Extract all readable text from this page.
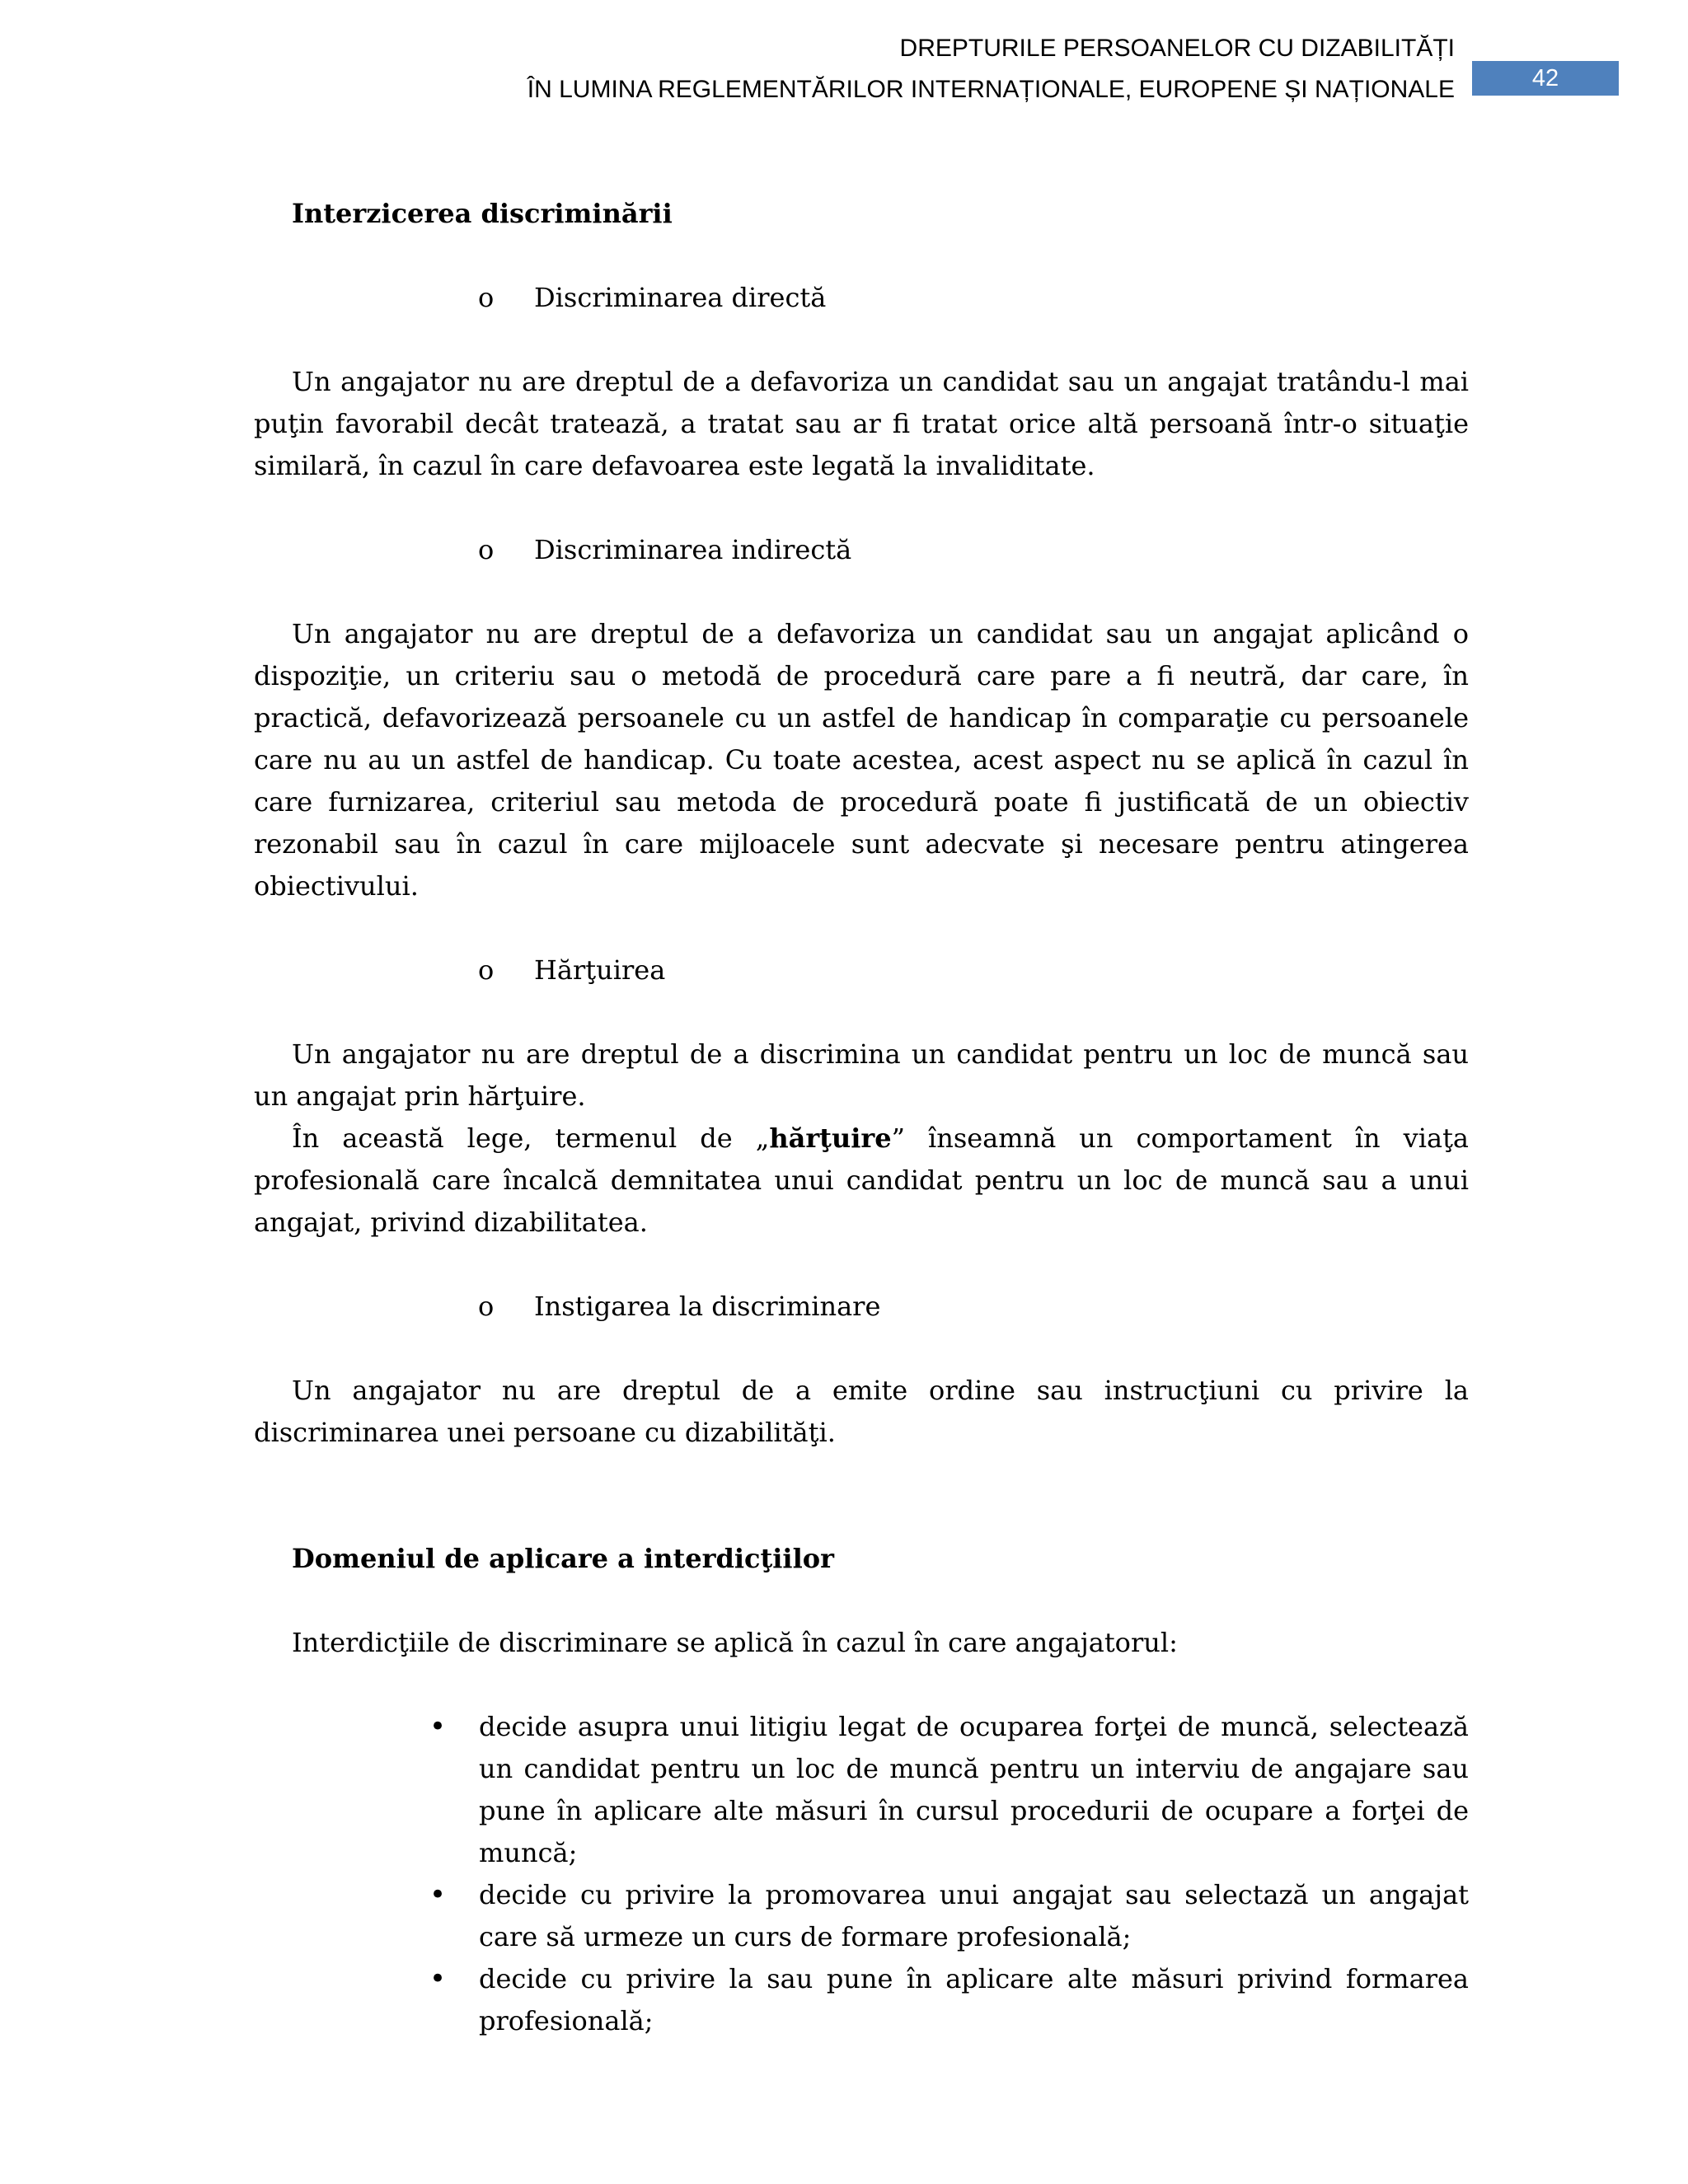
DREPTURILE PERSOANELOR CU DIZABILITĂȚI
ÎN LUMINA REGLEMENTĂRILOR INTERNAȚIONALE, EUROPENE ȘI NAȚIONALE	42
Interzicerea discriminării
o Discriminarea directă

Un angajator nu are dreptul de a defavoriza un candidat sau un angajat tratându-l mai puţin favorabil decât tratează, a tratat sau ar fi tratat orice altă persoană într-o situaţie similară, în cazul în care defavoarea este legată la invaliditate.

o Discriminarea indirectă

Un angajator nu are dreptul de a defavoriza un candidat sau un angajat aplicând o dispoziţie, un criteriu sau o metodă de procedură care pare a fi neutră, dar care, în practică, defavorizează persoanele cu un astfel de handicap în comparaţie cu persoanele care nu au un astfel de handicap. Cu toate acestea, acest aspect nu se aplică în cazul în care furnizarea, criteriul sau metoda de procedură poate fi justificată de un obiectiv rezonabil sau în cazul în care mijloacele sunt adecvate şi necesare pentru atingerea obiectivului.

o Hărţuirea

Un angajator nu are dreptul de a discrimina un candidat pentru un loc de muncă sau un angajat prin hărţuire.

În această lege, termenul de „hărţuire” înseamnă un comportament în viaţa profesională care încalcă demnitatea unui candidat pentru un loc de muncă sau a unui angajat, privind dizabilitatea.

o Instigarea la discriminare

Un angajator nu are dreptul de a emite ordine sau instrucţiuni cu privire la discriminarea unei persoane cu dizabilităţi.

Domeniul de aplicare a interdicţiilor

Interdicţiile de discriminare se aplică în cazul în care angajatorul:

• decide asupra unui litigiu legat de ocuparea forţei de muncă, selectează un candidat pentru un loc de muncă pentru un interviu de angajare sau pune în aplicare alte măsuri în cursul procedurii de ocupare a forţei de muncă;
• decide cu privire la promovarea unui angajat sau selectază un angajat care să urmeze un curs de formare profesională;
• decide cu privire la sau pune în aplicare alte măsuri privind formarea profesională;
